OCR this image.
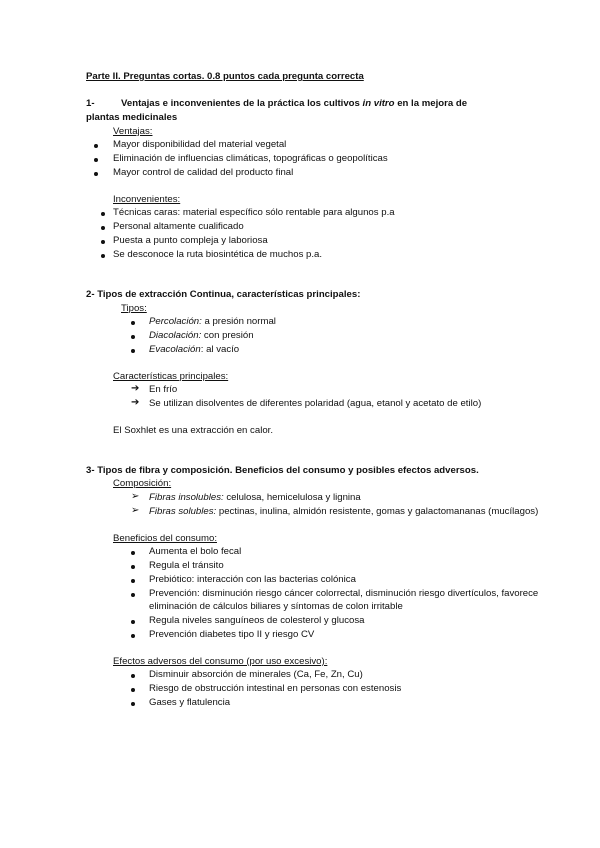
Parte II. Preguntas cortas. 0.8 puntos cada pregunta correcta
1-	Ventajas e inconvenientes de la práctica los cultivos in vitro en la mejora de
plantas medicinales
Ventajas:
Mayor disponibilidad del material vegetal
Eliminación de influencias climáticas, topográficas o geopolíticas
Mayor control de calidad del producto final
Inconvenientes:
Técnicas caras: material específico sólo rentable para algunos p.a
Personal altamente cualificado
Puesta a punto compleja y laboriosa
Se desconoce la ruta biosintética de muchos p.a.
2- Tipos de extracción Continua, características principales:
Tipos:
Percolación: a presión normal
Diacolación: con presión
Evacolación: al vacío
Características principales:
➔ En frío
➔ Se utilizan disolventes de diferentes polaridad (agua, etanol y acetato de etilo)
El Soxhlet es una extracción en calor.
3- Tipos de fibra y composición. Beneficios del consumo y posibles efectos adversos.
Composición:
➢ Fibras insolubles: celulosa, hemicelulosa y lignina
➢ Fibras solubles: pectinas, inulina, almidón resistente, gomas y galactomananas (mucílagos)
Beneficios del consumo:
Aumenta el bolo fecal
Regula el tránsito
Prebiótico: interacción con las bacterias colónica
Prevención: disminución riesgo cáncer colorrectal, disminución riesgo divertículos, favorece
eliminación de cálculos biliares y síntomas de colon irritable
Regula niveles sanguíneos de colesterol y glucosa
Prevención diabetes tipo II y riesgo CV
Efectos adversos del consumo (por uso excesivo):
Disminuir absorción de minerales (Ca, Fe, Zn, Cu)
Riesgo de obstrucción intestinal en personas con estenosis
Gases y flatulencia
